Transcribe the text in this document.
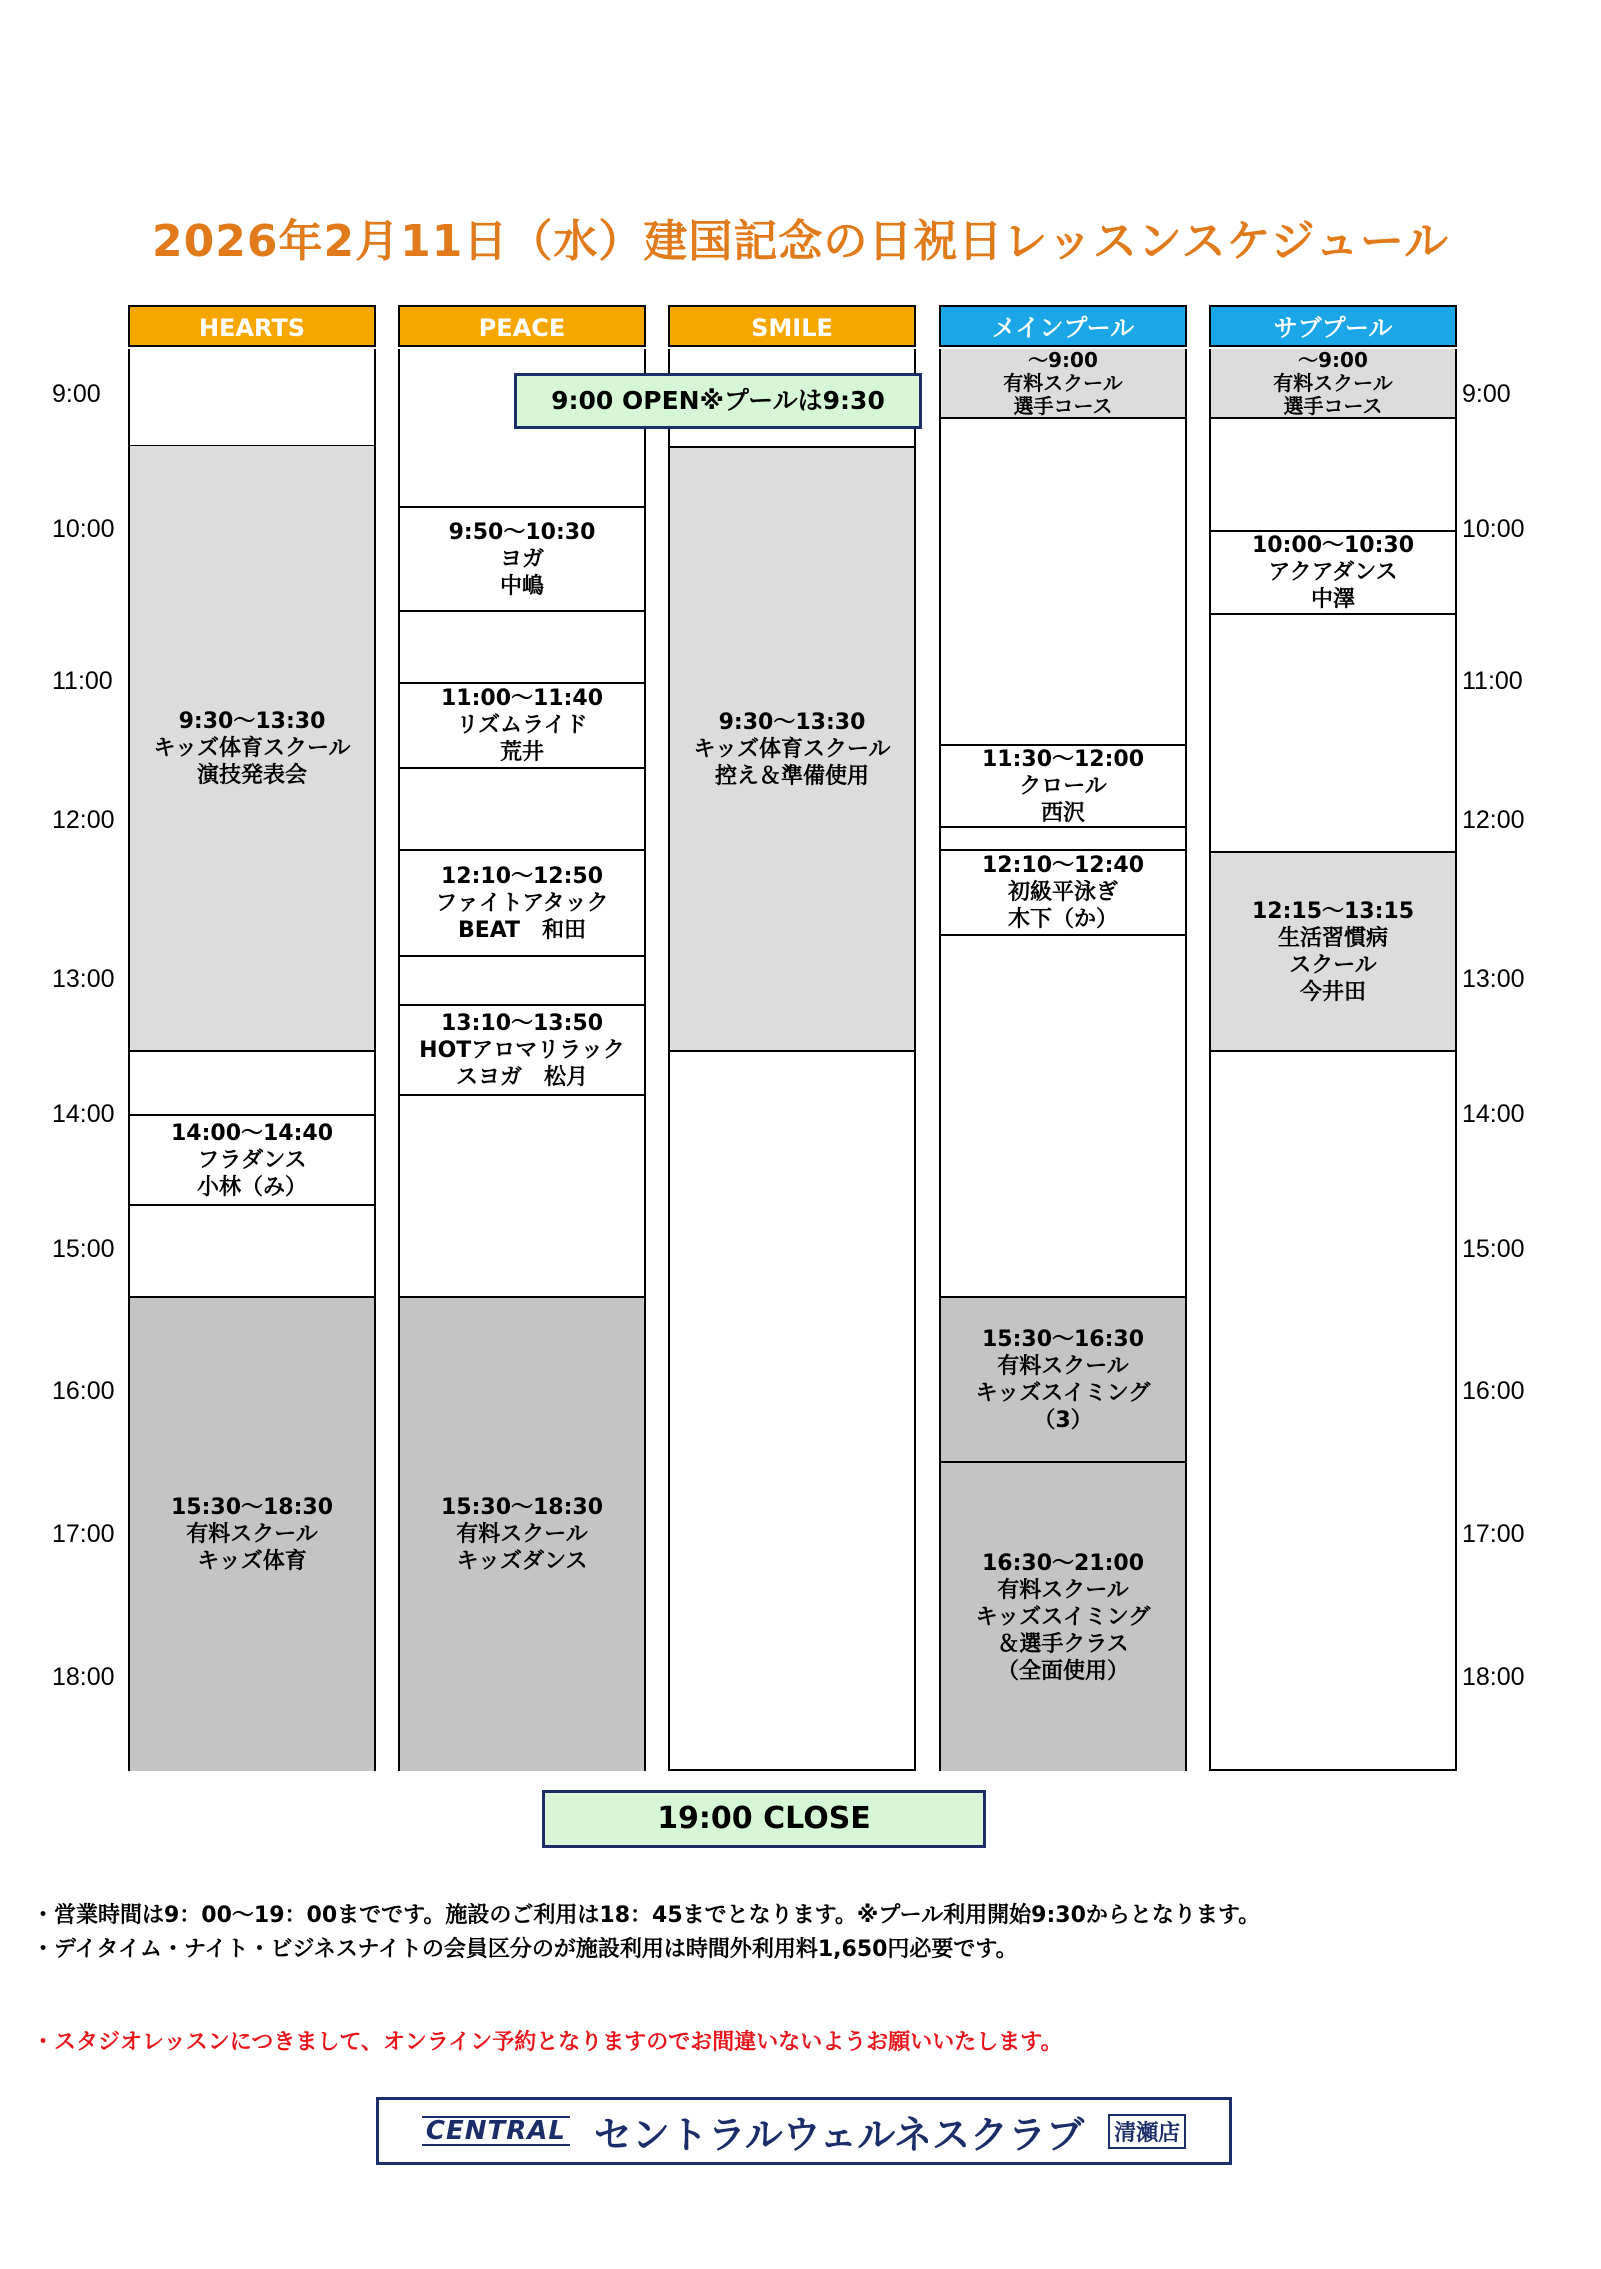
2026年2月11日（水）建国記念の日祝日レッスンスケジュール
9:00
10:00
11:00
12:00
13:00
14:00
15:00
16:00
17:00
18:00
9:00
10:00
11:00
12:00
13:00
14:00
15:00
16:00
17:00
18:00
HEARTS
9:30〜13:30
キッズ体育スクール
演技発表会
14:00〜14:40
フラダンス
小林（み）
15:30〜18:30
有料スクール
キッズ体育
PEACE
9:50〜10:30
ヨガ
中嶋
11:00〜11:40
リズムライド
荒井
12:10〜12:50
ファイトアタック
BEAT　和田
13:10〜13:50
HOTアロマリラック
スヨガ　松月
15:30〜18:30
有料スクール
キッズダンス
SMILE
9:30〜13:30
キッズ体育スクール
控え＆準備使用
メインプール
〜9:00
有料スクール
選手コース
11:30〜12:00
クロール
西沢
12:10〜12:40
初級平泳ぎ
木下（か）
15:30〜16:30
有料スクール
キッズスイミング
（3）
16:30〜21:00
有料スクール
キッズスイミング
＆選手クラス
（全面使用）
サブプール
〜9:00
有料スクール
選手コース
10:00〜10:30
アクアダンス
中澤
12:15〜13:15
生活習慣病
スクール
今井田
9:00 OPEN※プールは9:30
19:00 CLOSE
・営業時間は9：00〜19：00までです。施設のご利用は18：45までとなります。※プール利用開始9:30からとなります。
・デイタイム・ナイト・ビジネスナイトの会員区分のが施設利用は時間外利用料1,650円必要です。
・スタジオレッスンにつきまして、オンライン予約となりますのでお間違いないようお願いいたします。
CENTRAL セントラルウェルネスクラブ 清瀬店
